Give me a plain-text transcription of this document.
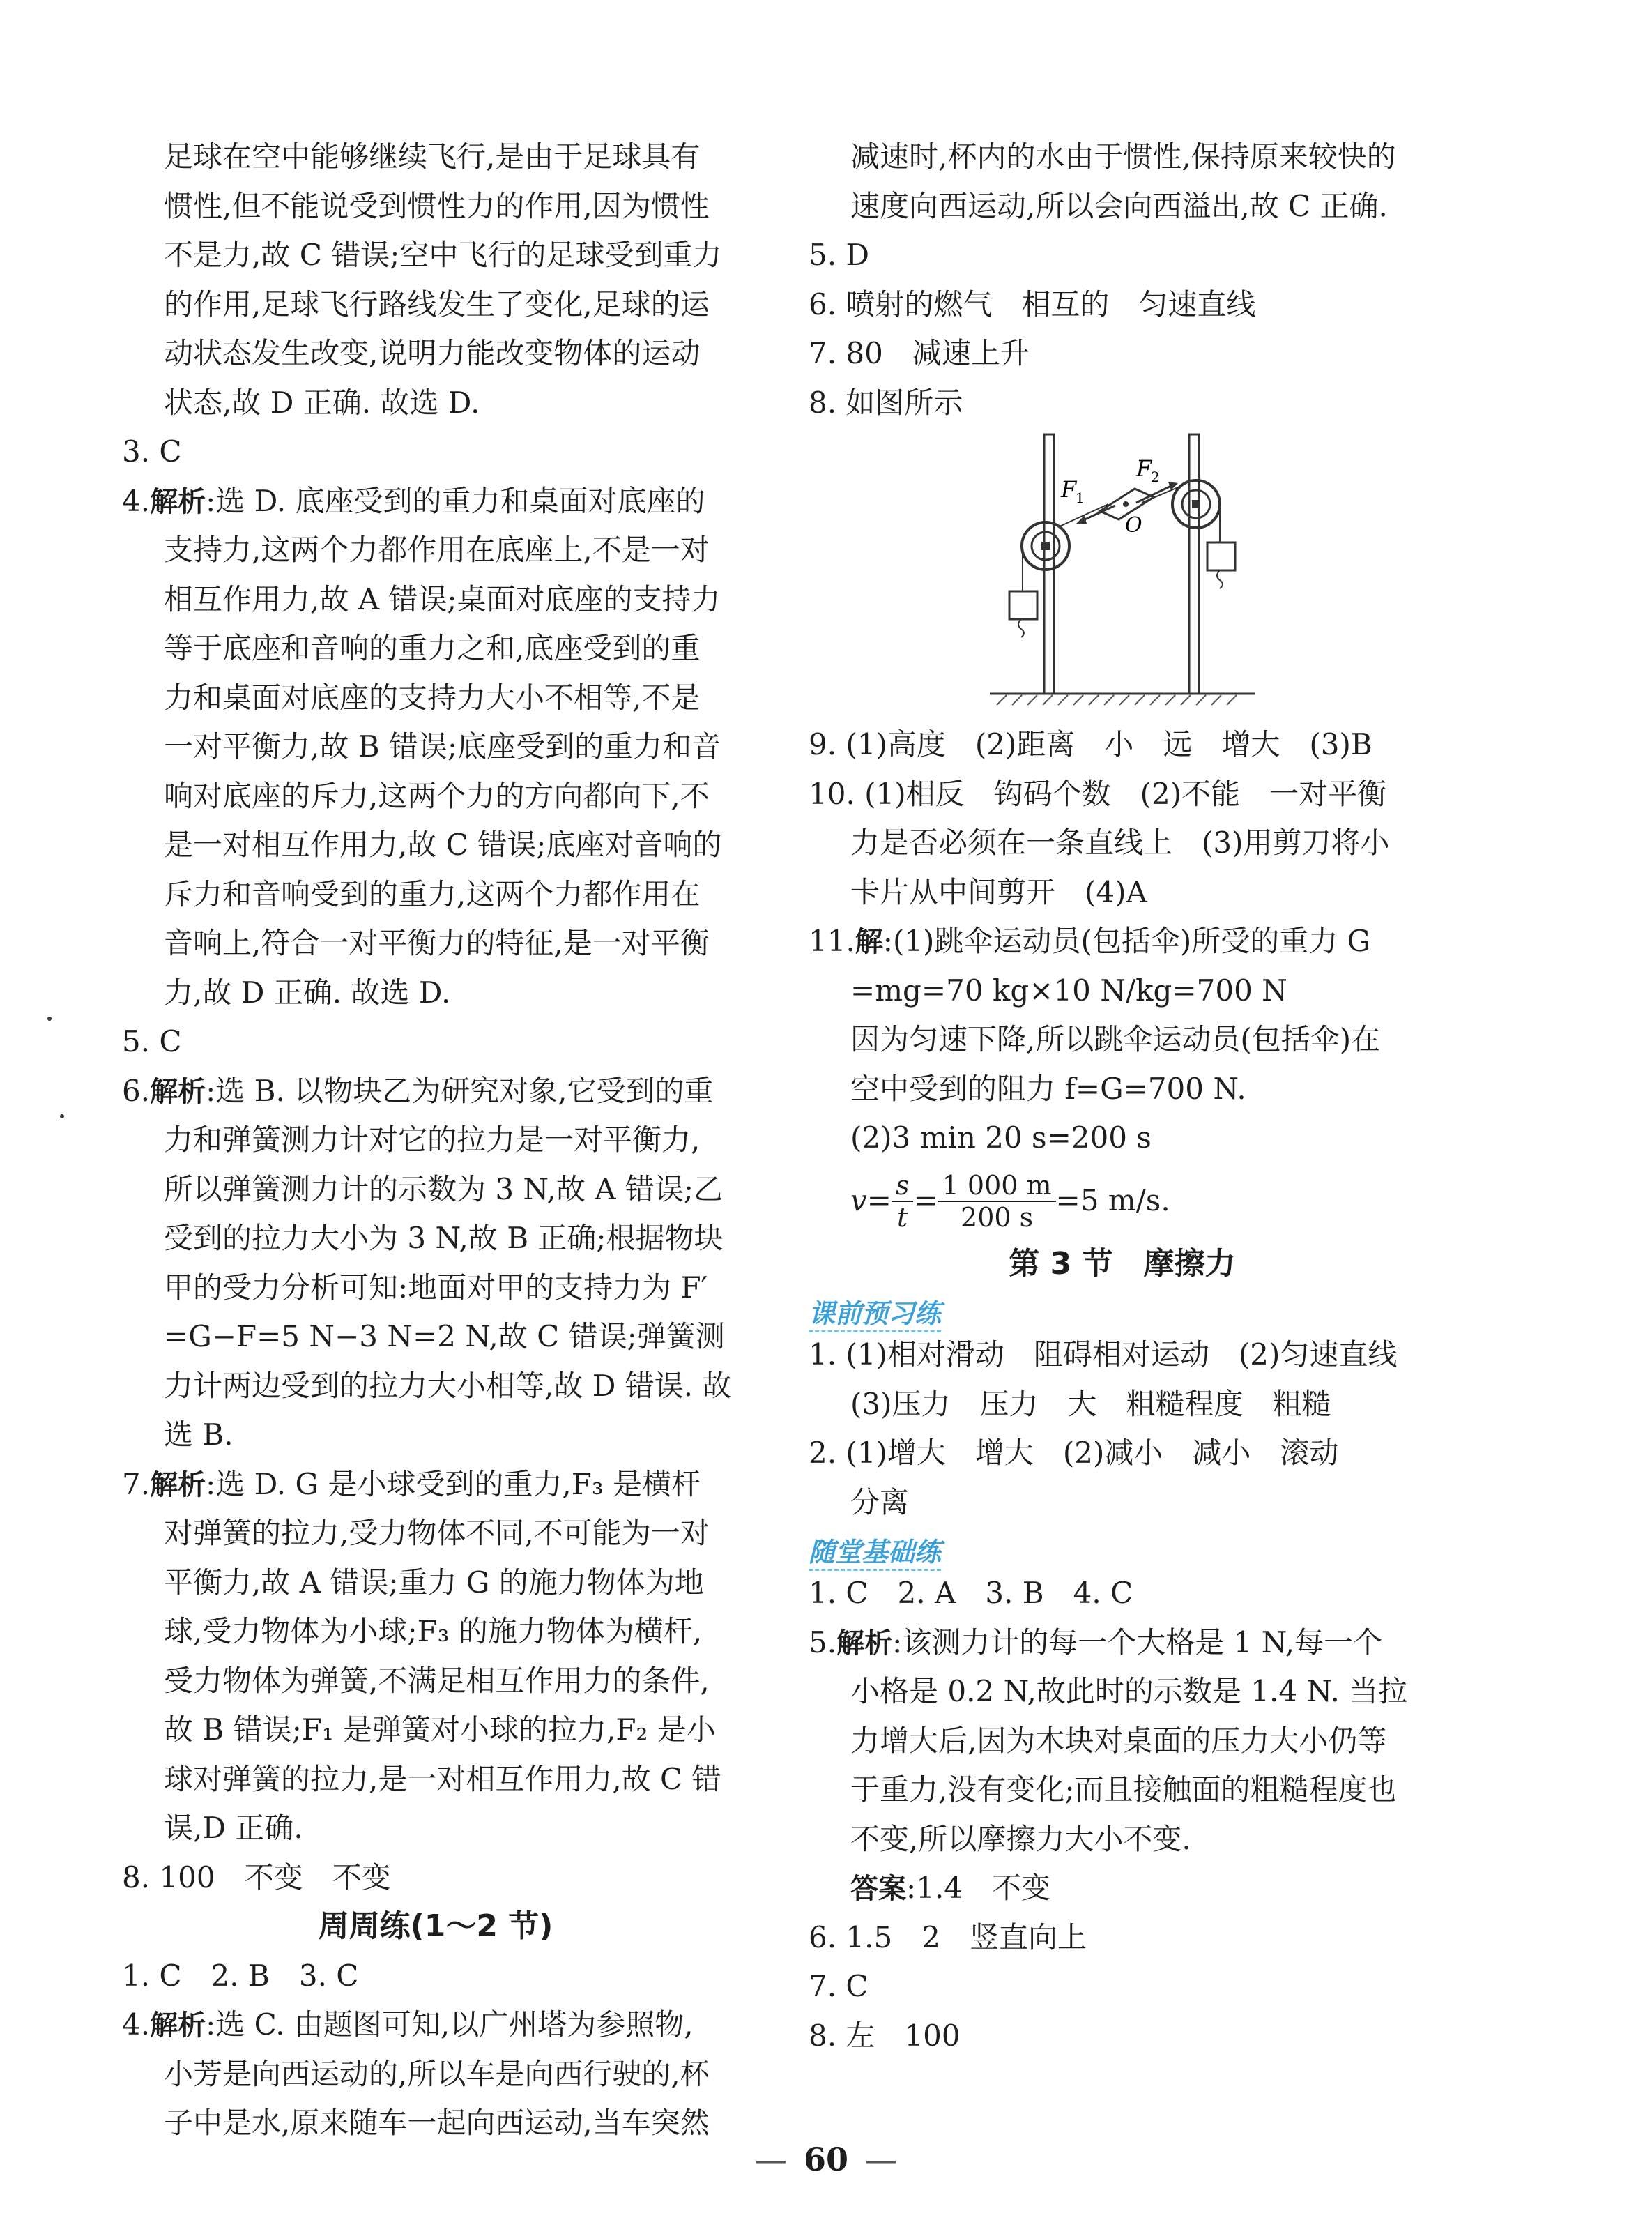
足球在空中能够继续飞行,是由于足球具有
惯性,但不能说受到惯性力的作用,因为惯性
不是力,故 C 错误;空中飞行的足球受到重力
的作用,足球飞行路线发生了变化,足球的运
动状态发生改变,说明力能改变物体的运动
状态,故 D 正确. 故选 D.
3. C
4.解析:选 D. 底座受到的重力和桌面对底座的
支持力,这两个力都作用在底座上,不是一对
相互作用力,故 A 错误;桌面对底座的支持力
等于底座和音响的重力之和,底座受到的重
力和桌面对底座的支持力大小不相等,不是
一对平衡力,故 B 错误;底座受到的重力和音
响对底座的斥力,这两个力的方向都向下,不
是一对相互作用力,故 C 错误;底座对音响的
斥力和音响受到的重力,这两个力都作用在
音响上,符合一对平衡力的特征,是一对平衡
力,故 D 正确. 故选 D.
5. C
6.解析:选 B. 以物块乙为研究对象,它受到的重
力和弹簧测力计对它的拉力是一对平衡力,
所以弹簧测力计的示数为 3 N,故 A 错误;乙
受到的拉力大小为 3 N,故 B 正确;根据物块
甲的受力分析可知:地面对甲的支持力为 F′
=G−F=5 N−3 N=2 N,故 C 错误;弹簧测
力计两边受到的拉力大小相等,故 D 错误. 故
选 B.
7.解析:选 D. G 是小球受到的重力,F₃ 是横杆
对弹簧的拉力,受力物体不同,不可能为一对
平衡力,故 A 错误;重力 G 的施力物体为地
球,受力物体为小球;F₃ 的施力物体为横杆,
受力物体为弹簧,不满足相互作用力的条件,
故 B 错误;F₁ 是弹簧对小球的拉力,F₂ 是小
球对弹簧的拉力,是一对相互作用力,故 C 错
误,D 正确.
8. 100　不变　不变
周周练(1～2 节)
1. C　2. B　3. C
4.解析:选 C. 由题图可知,以广州塔为参照物,
小芳是向西运动的,所以车是向西行驶的,杯
子中是水,原来随车一起向西运动,当车突然
减速时,杯内的水由于惯性,保持原来较快的
速度向西运动,所以会向西溢出,故 C 正确.
5. D
6. 喷射的燃气　相互的　匀速直线
7. 80　减速上升
8. 如图所示
F
1
F
2
O
9. (1)高度　(2)距离　小　远　增大　(3)B
10. (1)相反　钩码个数　(2)不能　一对平衡
力是否必须在一条直线上　(3)用剪刀将小
卡片从中间剪开　(4)A
11.解:(1)跳伞运动员(包括伞)所受的重力 G
=mg=70 kg×10 N/kg=700 N
因为匀速下降,所以跳伞运动员(包括伞)在
空中受到的阻力 f=G=700 N.
(2)3 min 20 s=200 s
$v= \frac{s}{t} = \frac{1 000 m}{200 s} =5$ m/s.
第 3 节　摩擦力
课前预习练
1. (1)相对滑动　阻碍相对运动　(2)匀速直线
(3)压力　压力　大　粗糙程度　粗糙
2. (1)增大　增大　(2)减小　减小　滚动
分离
随堂基础练
1. C　2. A　3. B　4. C
5.解析:该测力计的每一个大格是 1 N,每一个
小格是 0.2 N,故此时的示数是 1.4 N. 当拉
力增大后,因为木块对桌面的压力大小仍等
于重力,没有变化;而且接触面的粗糙程度也
不变,所以摩擦力大小不变.
答案:1.4　不变
6. 1.5　2　竖直向上
7. C
8. 左　100
— 60 —
